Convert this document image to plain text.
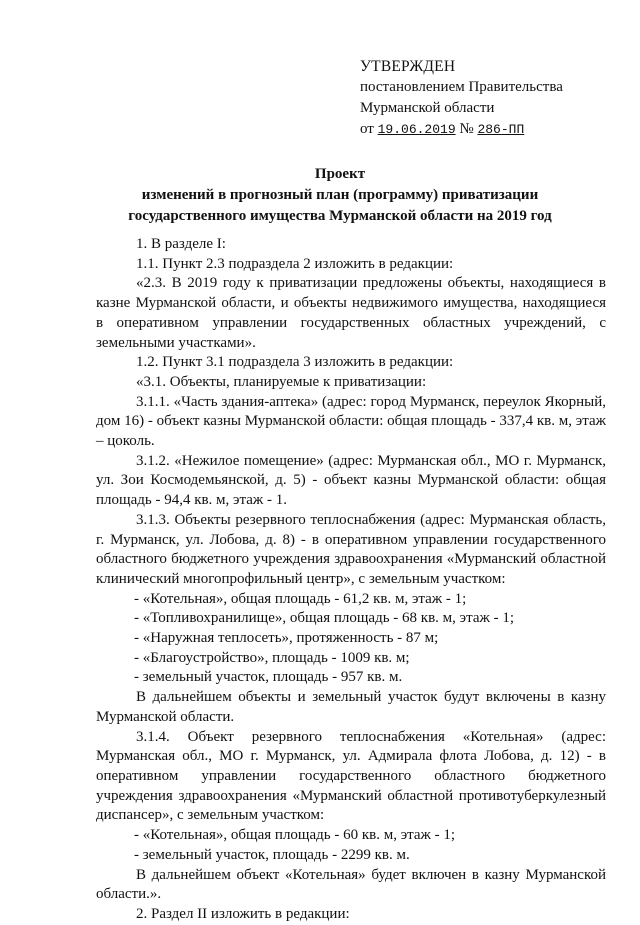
УТВЕРЖДЕН
постановлением Правительства
Мурманской области
от 19.06.2019 № 286-ПП
Проект
изменений в прогнозный план (программу) приватизации
государственного имущества Мурманской области на 2019 год

1. В разделе I:

1.1. Пункт 2.3 подраздела 2 изложить в редакции:

«2.3. В 2019 году к приватизации предложены объекты, находящиеся в казне Мурманской области, и объекты недвижимого имущества, находящиеся в оперативном управлении государственных областных учреждений, с земельными участками».

1.2. Пункт 3.1 подраздела 3 изложить в редакции:

«3.1. Объекты, планируемые к приватизации:

3.1.1. «Часть здания-аптека» (адрес: город Мурманск, переулок Якорный, дом 16) - объект казны Мурманской области: общая площадь - 337,4 кв. м, этаж – цоколь.

3.1.2. «Нежилое помещение» (адрес: Мурманская обл., МО г. Мурманск, ул. Зои Космодемьянской, д. 5) - объект казны Мурманской области: общая площадь - 94,4 кв. м, этаж - 1.

3.1.3. Объекты резервного теплоснабжения (адрес: Мурманская область, г. Мурманск, ул. Лобова, д. 8) - в оперативном управлении государственного областного бюджетного учреждения здравоохранения «Мурманский областной клинический многопрофильный центр», с земельным участком:

- «Котельная», общая площадь - 61,2 кв. м, этаж - 1;

- «Топливохранилище», общая площадь - 68 кв. м, этаж - 1;

- «Наружная теплосеть», протяженность - 87 м;

- «Благоустройство», площадь - 1009 кв. м;

- земельный участок, площадь - 957 кв. м.

В дальнейшем объекты и земельный участок будут включены в казну Мурманской области.

3.1.4. Объект резервного теплоснабжения «Котельная» (адрес: Мурманская обл., МО г. Мурманск, ул. Адмирала флота Лобова, д. 12) - в оперативном управлении государственного областного бюджетного учреждения здравоохранения «Мурманский областной противотуберкулезный диспансер», с земельным участком:

- «Котельная», общая площадь - 60 кв. м, этаж - 1;

- земельный участок, площадь - 2299 кв. м.

В дальнейшем объект «Котельная» будет включен в казну Мурманской области.».

2. Раздел II изложить в редакции:
